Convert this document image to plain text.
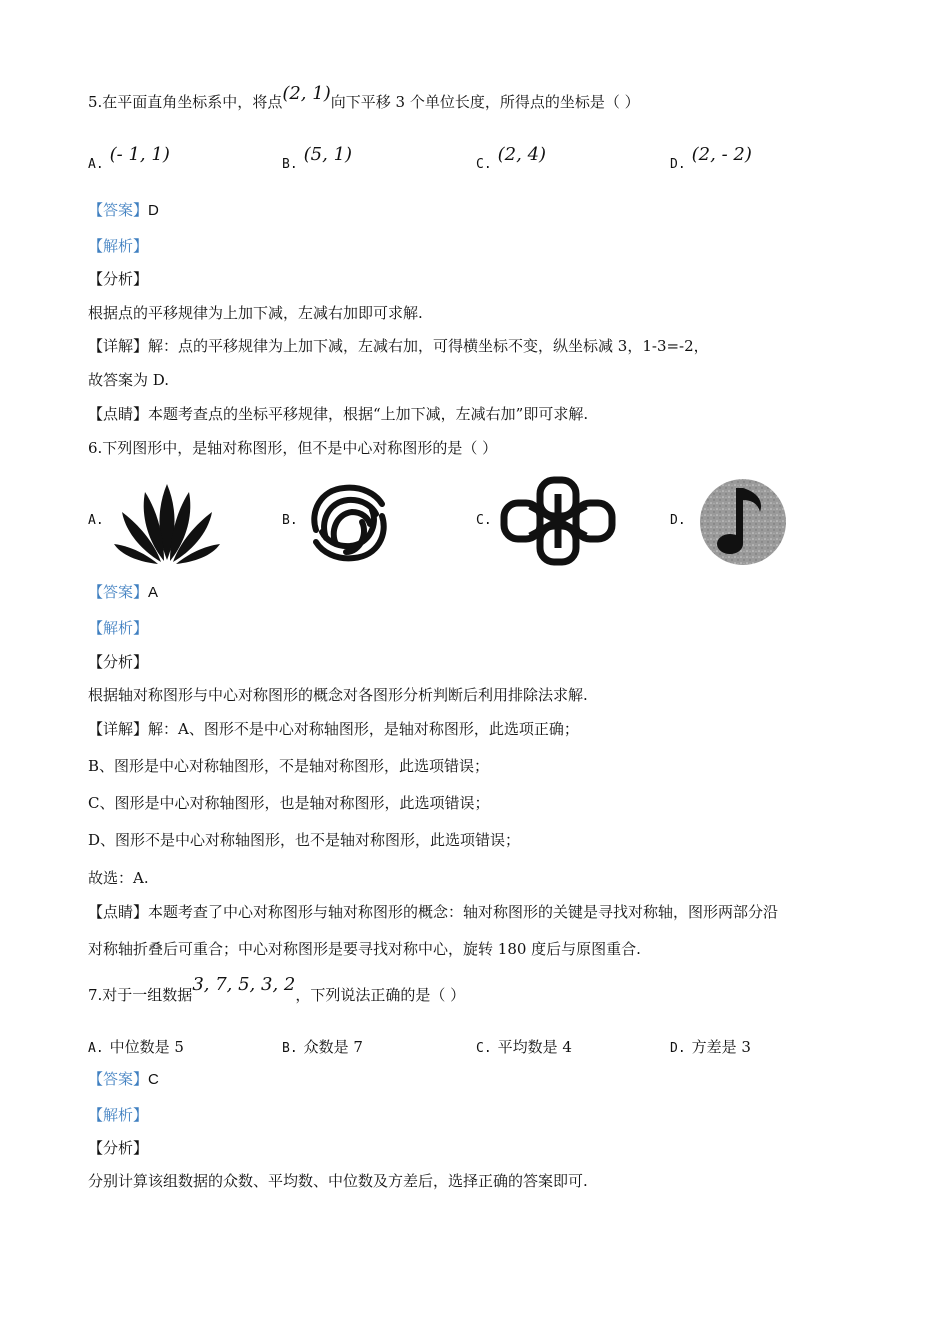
5.在平面直角坐标系中，将点(2, 1)向下平移 3 个单位长度，所得点的坐标是（ ）
A. (- 1, 1)	B. (5, 1)	C. (2, 4)	D. (2, - 2)
【答案】D
【解析】
【分析】
根据点的平移规律为上加下减，左减右加即可求解.
【详解】解：点的平移规律为上加下减，左减右加，可得横坐标不变，纵坐标减 3，1-3=-2，
故答案为 D.
【点睛】本题考查点的坐标平移规律，根据“上加下减，左减右加”即可求解.
6.下列图形中，是轴对称图形，但不是中心对称图形的是（ ）
A.	B.	C.	D.
【答案】A
【解析】
【分析】
根据轴对称图形与中心对称图形的概念对各图形分析判断后利用排除法求解.
【详解】解：A、图形不是中心对称轴图形，是轴对称图形，此选项正确；
B、图形是中心对称轴图形，不是轴对称图形，此选项错误；
C、图形是中心对称轴图形，也是轴对称图形，此选项错误；
D、图形不是中心对称轴图形，也不是轴对称图形，此选项错误；
故选：A.
【点睛】本题考查了中心对称图形与轴对称图形的概念：轴对称图形的关键是寻找对称轴，图形两部分沿
对称轴折叠后可重合；中心对称图形是要寻找对称中心，旋转 180 度后与原图重合.
7.对于一组数据3, 7, 5, 3, 2，下列说法正确的是（ ）
A. 中位数是 5	B. 众数是 7	C. 平均数是 4	D. 方差是 3
【答案】C
【解析】
【分析】
分别计算该组数据的众数、平均数、中位数及方差后，选择正确的答案即可.
